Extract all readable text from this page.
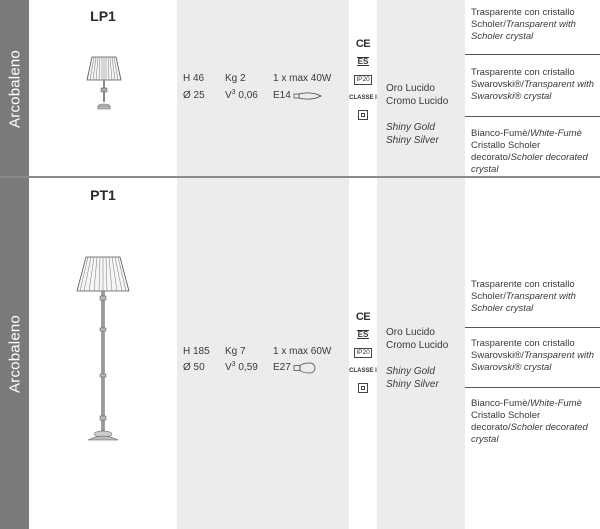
Arcobaleno
LP1
H 46
Ø 25
Kg 2
$V^3$ 0,06
1 x max 40W
E14
CE
ES
IP20
CLASSE I
Oro Lucido
Cromo Lucido
Shiny Gold
Shiny Silver
Trasparente con cristallo Scholer/Transparent with Scholer crystal
Trasparente con cristallo Swarovski®/Transparent with Swarovski® crystal
Bianco-Fumè/White-Fumè Cristallo Scholer decorato/Scholer decorated crystal
Arcobaleno
PT1
H 185
Ø 50
Kg 7
$V^3$ 0,59
1 x max 60W
E27
CE
ES
IP20
CLASSE I
Oro Lucido
Cromo Lucido
Shiny Gold
Shiny Silver
Trasparente con cristallo Scholer/Transparent with Scholer crystal
Trasparente con cristallo Swarovski®/Transparent with Swarovski® crystal
Bianco-Fumè/White-Fumè Cristallo Scholer decorato/Scholer decorated crystal
